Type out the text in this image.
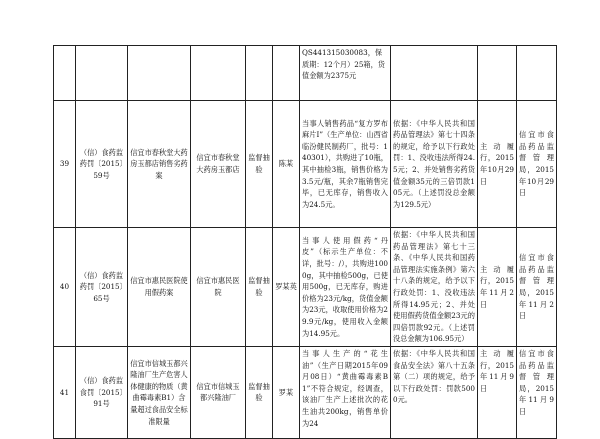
						QS441315030083，保质期：12个月）25箱，货值金额为2375元			
39	（信）食药监药罚〔2015〕59号	信宜市春秋堂大药房玉都店销售劣药案	信宜市春秋堂大药房玉都店	监督抽验	陈某	当事人销售药品“复方罗布麻片Ⅰ”（生产单位：山西省临汾健民制药厂，批号：140301），共购进了10瓶，其中抽检3瓶，销售价格为3.5元/瓶，其余7瓶销售完毕，已无库存，销售收入为24.5元。	依据：《中华人民共和国药品管理法》第七十四条的规定，给予以下行政处罚：1、没收违法所得24.5元；2、并处销售劣药货值金额35元的三倍罚款105元。（上述罚没总金额为129.5元）	主动履行，2015年10月29日	信宜市食品药品监督管理局，2015年10月29日
40	（信）食药监药罚〔2015〕65号	信宜市惠民医院使用假药案	信宜市惠民医院	监督抽验	罗某英	当事人使用假药“丹皮”（标示生产单位：不详，批号：/），共购进1000g，其中抽检500g，已使用500g，已无库存，购进价格为23元/kg，货值金额为23元，收取使用价格为29.9元/kg，使用收入金额为14.95元。	依据：《中华人民共和国药品管理法》第七十三条、《中华人民共和国药品管理法实施条例》第六十八条的规定，给予以下行政处罚：1、没收违法所得14.95元；2、并处使用假药货值金额23元的四倍罚款92元。（上述罚没总金额为106.95元）	主动履行，2015年11月2日	信宜市食品药品监督管理局，2015年11月2日
41	（信）食药监食罚〔2015〕91号	信宜市信城玉都兴隆油厂生产危害人体健康的物质（黄曲霉毒素B1）含量超过食品安全标准限量	信宜市信城玉都兴隆油厂	监督抽验	罗某	当事人生产的“花生油”（生产日期2015年09月08日）“黄曲霉毒素B1”不符合规定，经调查，该油厂生产上述批次的花生油共200kg，销售单价为24	依据：《中华人民共和国食品安全法》第八十五条第（二）项的规定，给予以下行政处罚：罚款5000元。	主动履行，2015年11月9日	信宜市食品药品监督管理局，2015年11月9日
